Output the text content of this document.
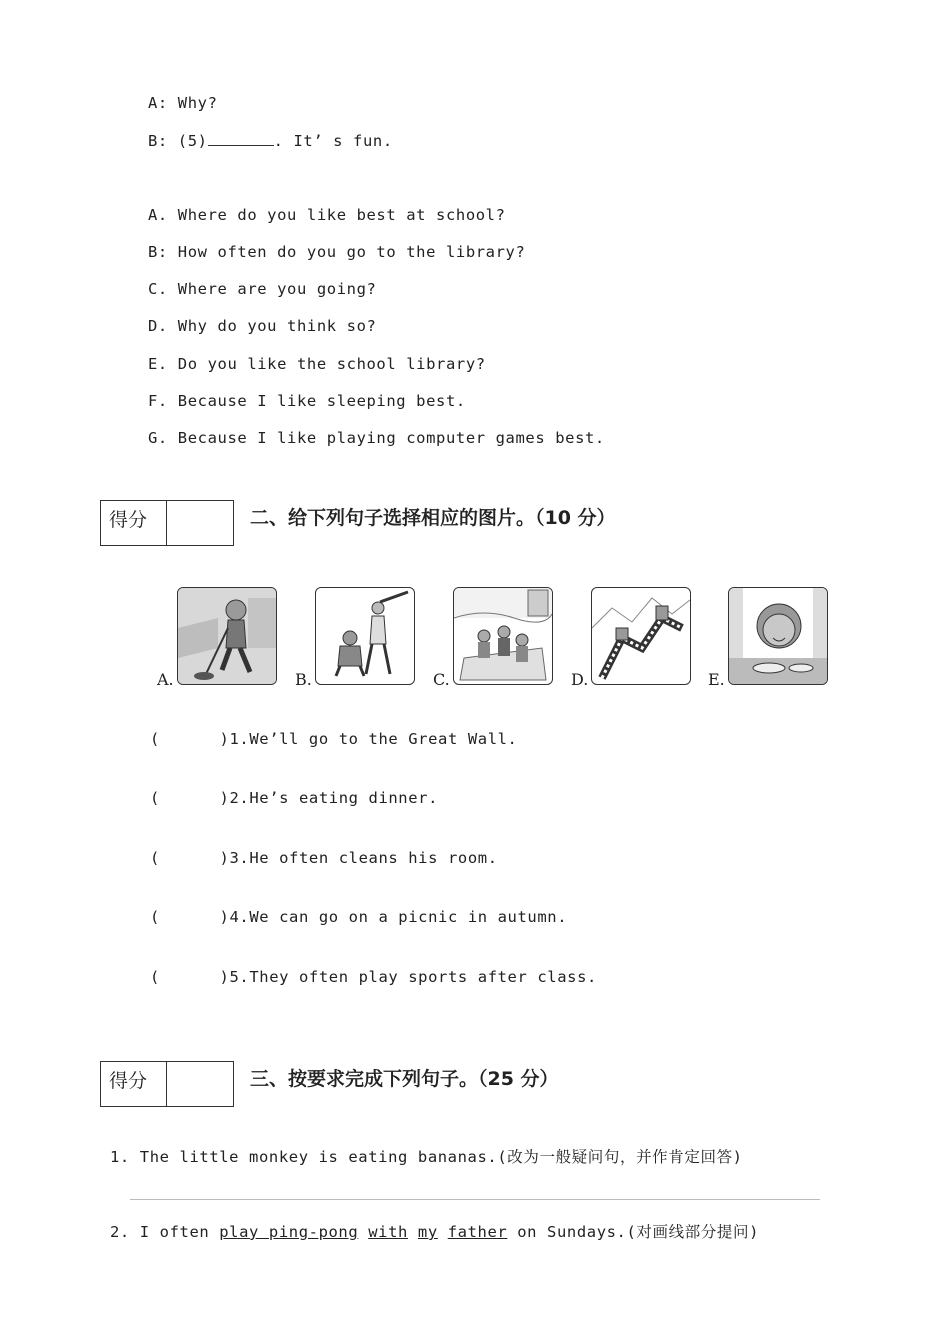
A: Why?
B: (5)	. It’ s fun.
A. Where do you like best at school?
B: How often do you go to the library?
C. Where are you going?
D. Why do you think so?
E. Do you like the school library?
F. Because I like sleeping best.
G. Because I like playing computer games best.
得分	二、给下列句子选择相应的图片。（10 分）
A.	B.	C.	D.	E.
(      )1.We’ll go to the Great Wall.
(      )2.He’s eating dinner.
(      )3.He often cleans his room.
(      )4.We can go on a picnic in autumn.
(      )5.They often play sports after class.
得分	三、按要求完成下列句子。（25 分）
1. The little monkey is eating bananas.(改为一般疑问句，并作肯定回答)
2. I often play ping-pong with my father on Sundays.(对画线部分提问)
